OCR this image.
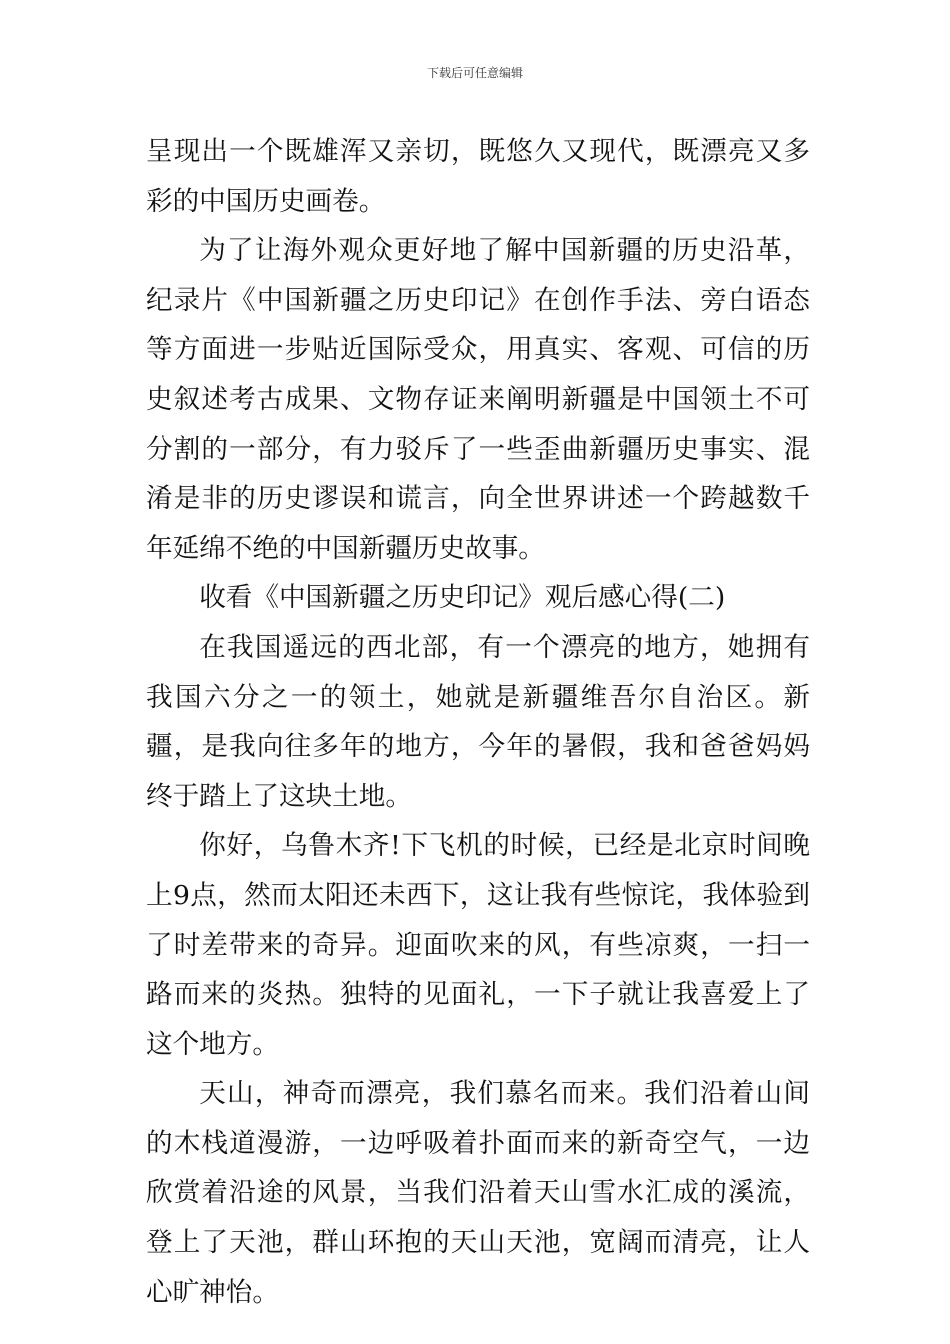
下载后可任意编辑

呈现出一个既雄浑又亲切，既悠久又现代，既漂亮又多彩的中国历史画卷。

为了让海外观众更好地了解中国新疆的历史沿革，纪录片《中国新疆之历史印记》在创作手法、旁白语态等方面进一步贴近国际受众，用真实、客观、可信的历史叙述考古成果、文物存证来阐明新疆是中国领土不可分割的一部分，有力驳斥了一些歪曲新疆历史事实、混淆是非的历史谬误和谎言，向全世界讲述一个跨越数千年延绵不绝的中国新疆历史故事。

收看《中国新疆之历史印记》观后感心得(二)

在我国遥远的西北部，有一个漂亮的地方，她拥有我国六分之一的领土，她就是新疆维吾尔自治区。新疆，是我向往多年的地方，今年的暑假，我和爸爸妈妈终于踏上了这块土地。

你好，乌鲁木齐!下飞机的时候，已经是北京时间晚上9点，然而太阳还未西下，这让我有些惊诧，我体验到了时差带来的奇异。迎面吹来的风，有些凉爽，一扫一路而来的炎热。独特的见面礼，一下子就让我喜爱上了这个地方。

天山，神奇而漂亮，我们慕名而来。我们沿着山间的木栈道漫游，一边呼吸着扑面而来的新奇空气，一边欣赏着沿途的风景，当我们沿着天山雪水汇成的溪流，登上了天池，群山环抱的天山天池，宽阔而清亮，让人心旷神怡。
